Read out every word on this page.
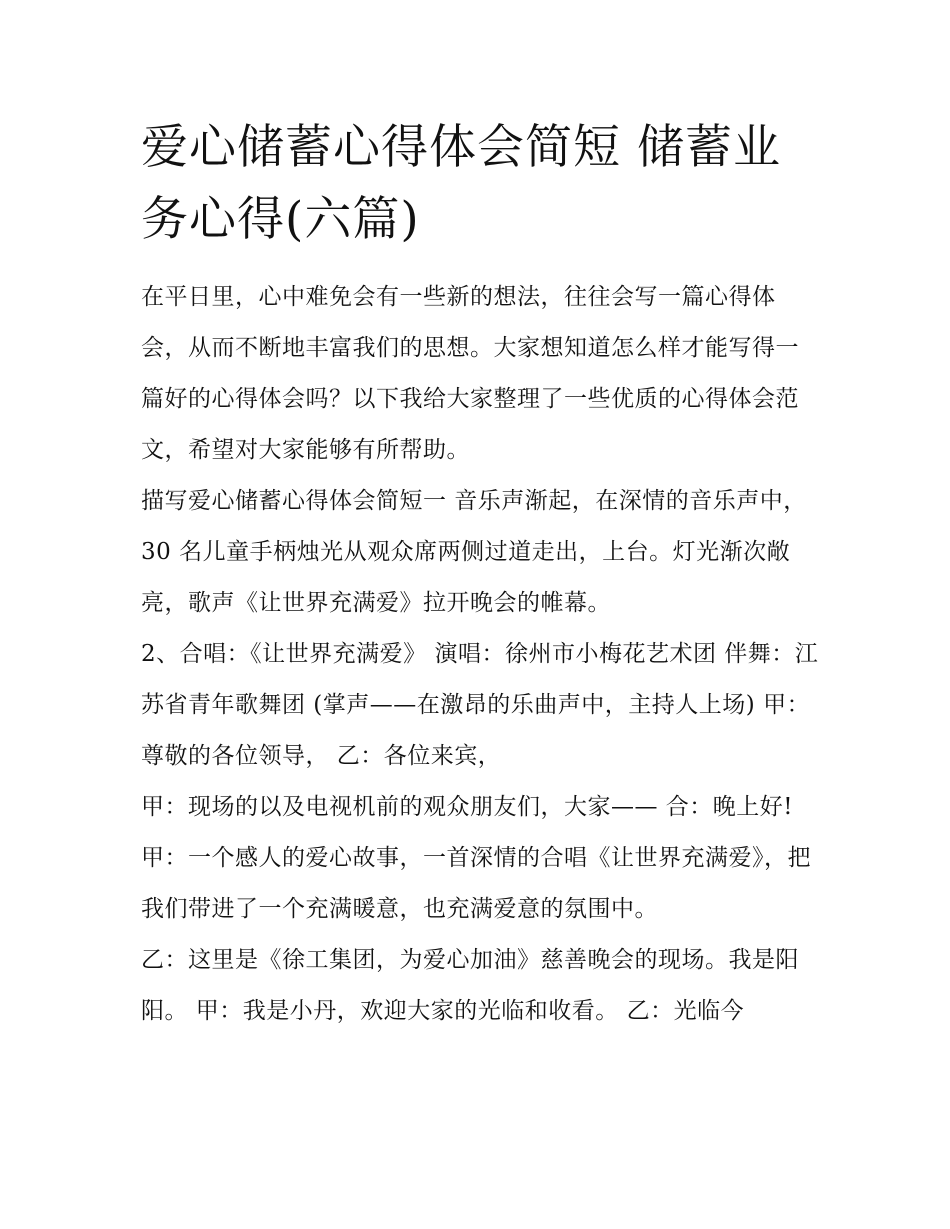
爱心储蓄心得体会简短 储蓄业务心得(六篇)

在平日里，心中难免会有一些新的想法，往往会写一篇心得体会，从而不断地丰富我们的思想。大家想知道怎么样才能写得一篇好的心得体会吗？以下我给大家整理了一些优质的心得体会范文，希望对大家能够有所帮助。

描写爱心储蓄心得体会简短一 音乐声渐起，在深情的音乐声中，30 名儿童手柄烛光从观众席两侧过道走出，上台。灯光渐次敞亮，歌声《让世界充满爱》拉开晚会的帷幕。

2、合唱：《让世界充满爱》 演唱：徐州市小梅花艺术团 伴舞：江苏省青年歌舞团 (掌声——在激昂的乐曲声中，主持人上场) 甲：尊敬的各位领导， 乙：各位来宾，

甲：现场的以及电视机前的观众朋友们，大家—— 合：晚上好!

甲：一个感人的爱心故事，一首深情的合唱《让世界充满爱》，把我们带进了一个充满暖意，也充满爱意的氛围中。

乙：这里是《徐工集团，为爱心加油》慈善晚会的现场。我是阳阳。 甲：我是小丹，欢迎大家的光临和收看。 乙：光临今
